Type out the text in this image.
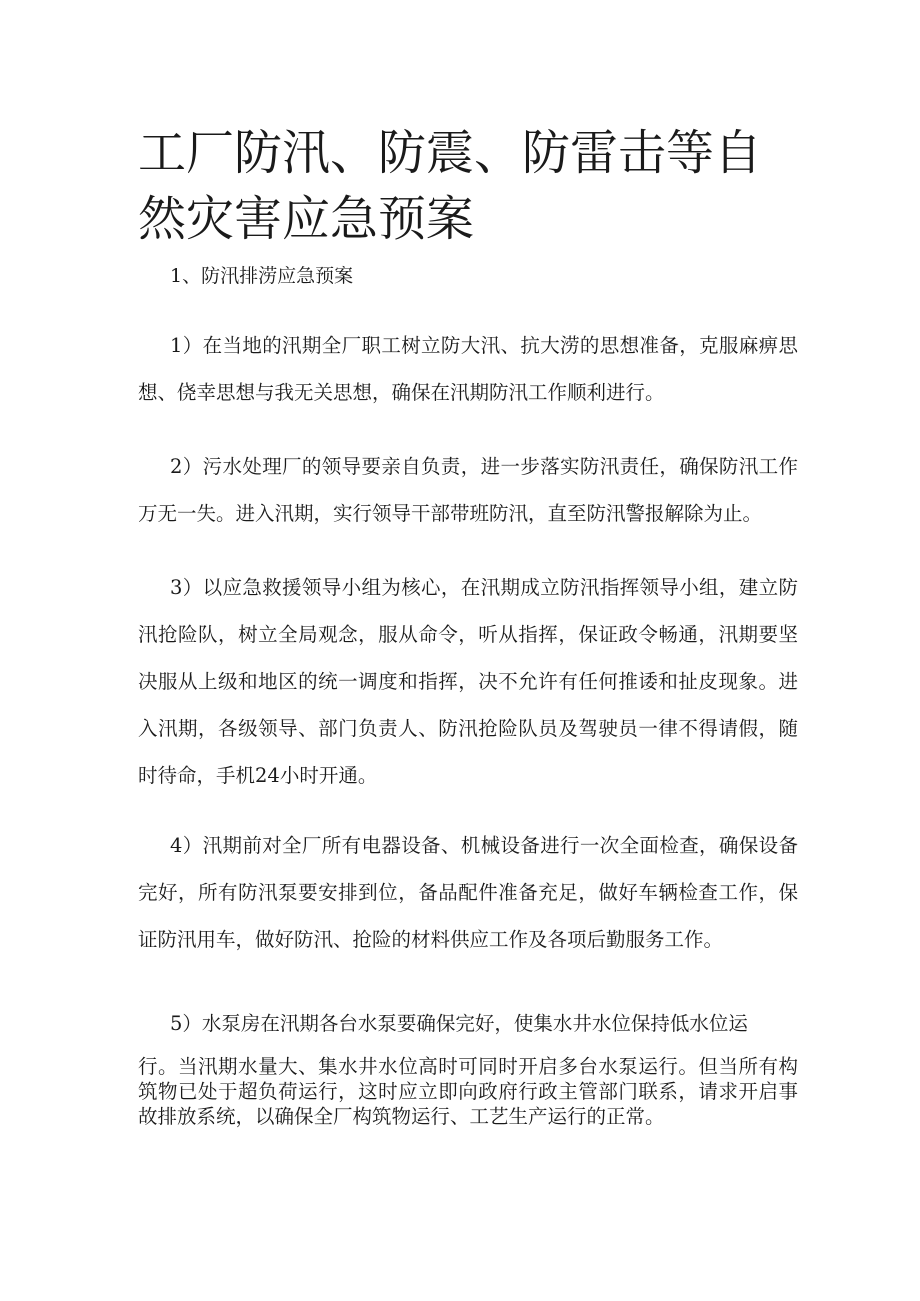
工厂防汛、防震、防雷击等自然灾害应急预案

1、防汛排涝应急预案

1）在当地的汛期全厂职工树立防大汛、抗大涝的思想准备，克服麻痹思想、侥幸思想与我无关思想，确保在汛期防汛工作顺利进行。

2）污水处理厂的领导要亲自负责，进一步落实防汛责任，确保防汛工作万无一失。进入汛期，实行领导干部带班防汛，直至防汛警报解除为止。

3）以应急救援领导小组为核心，在汛期成立防汛指挥领导小组，建立防汛抢险队，树立全局观念，服从命令，听从指挥，保证政令畅通，汛期要坚决服从上级和地区的统一调度和指挥，决不允许有任何推诿和扯皮现象。进入汛期，各级领导、部门负责人、防汛抢险队员及驾驶员一律不得请假，随时待命，手机24小时开通。

4）汛期前对全厂所有电器设备、机械设备进行一次全面检查，确保设备完好，所有防汛泵要安排到位，备品配件准备充足，做好车辆检查工作，保证防汛用车，做好防汛、抢险的材料供应工作及各项后勤服务工作。

5）水泵房在汛期各台水泵要确保完好，使集水井水位保持低水位运

行。当汛期水量大、集水井水位高时可同时开启多台水泵运行。但当所有构筑物已处于超负荷运行，这时应立即向政府行政主管部门联系，请求开启事故排放系统，以确保全厂构筑物运行、工艺生产运行的正常。
